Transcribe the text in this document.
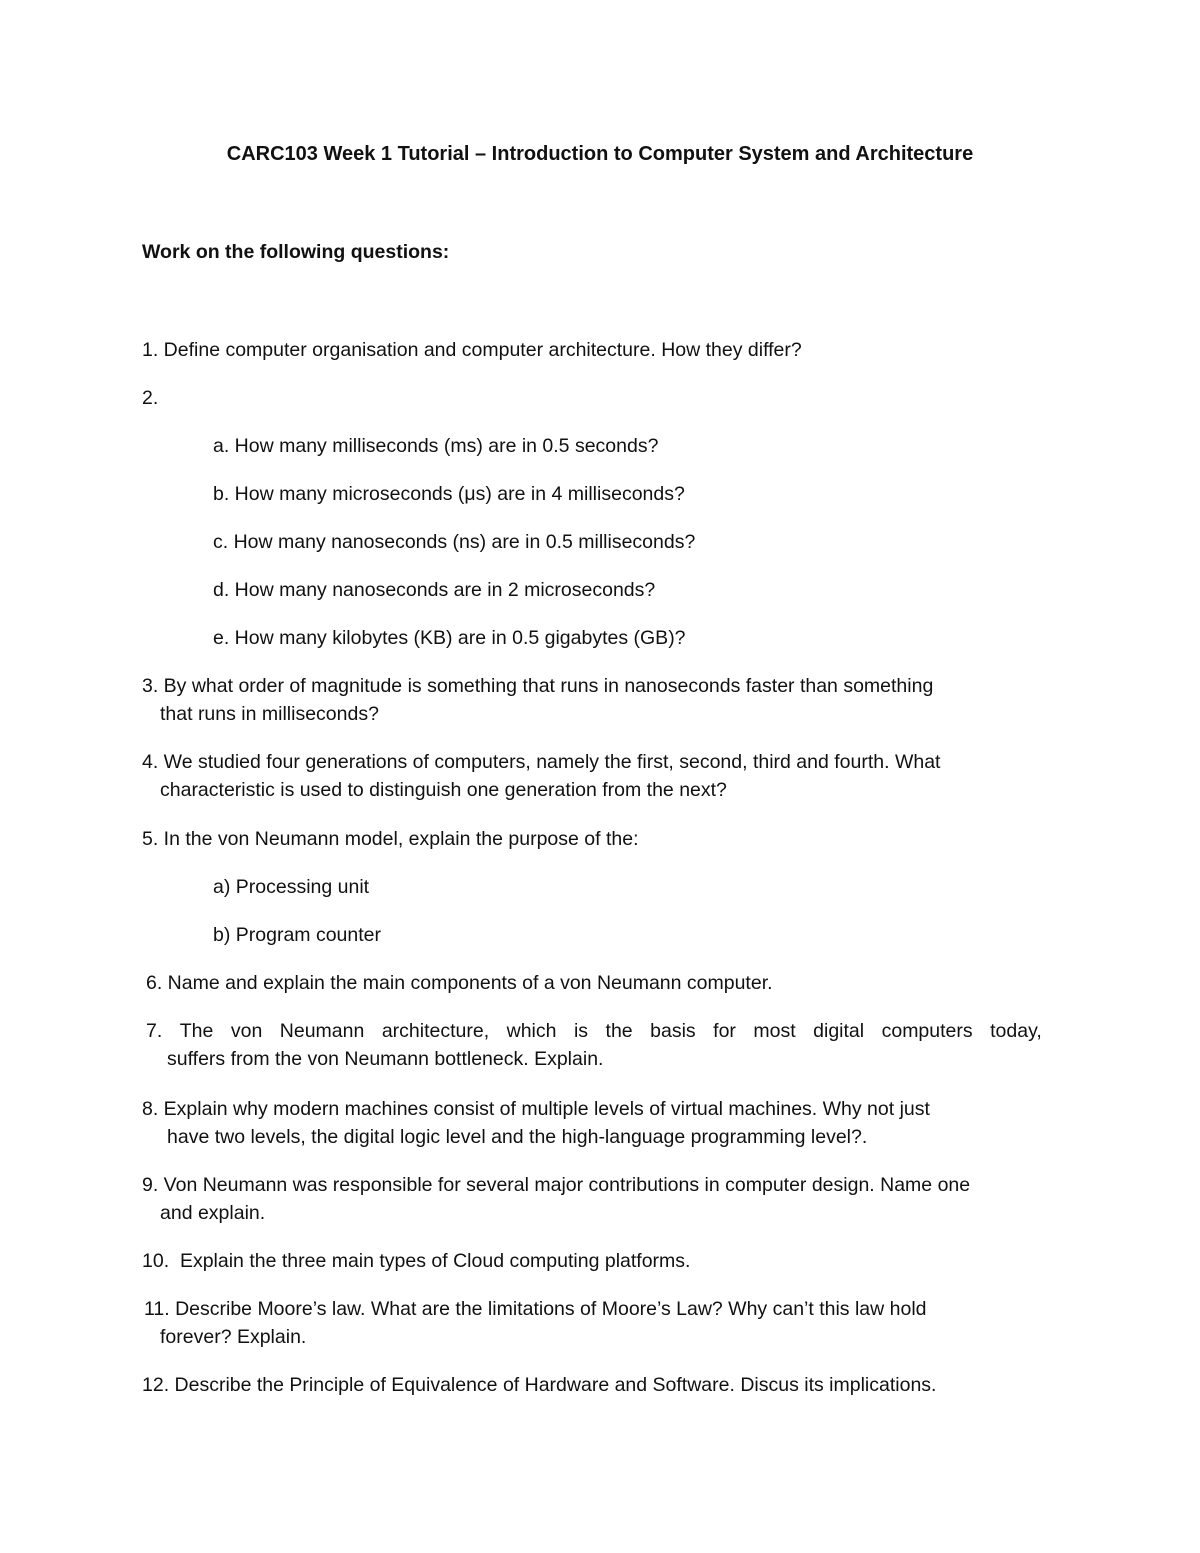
CARC103 Week 1 Tutorial – Introduction to Computer System and Architecture
Work on the following questions:
1. Define computer organisation and computer architecture. How they differ?
2.
a. How many milliseconds (ms) are in 0.5 seconds?
b. How many microseconds (μs) are in 4 milliseconds?
c. How many nanoseconds (ns) are in 0.5 milliseconds?
d. How many nanoseconds are in 2 microseconds?
e. How many kilobytes (KB) are in 0.5 gigabytes (GB)?
3. By what order of magnitude is something that runs in nanoseconds faster than something
that runs in milliseconds?
4. We studied four generations of computers, namely the first, second, third and fourth. What
characteristic is used to distinguish one generation from the next?
5. In the von Neumann model, explain the purpose of the:
a) Processing unit
b) Program counter
6. Name and explain the main components of a von Neumann computer.
7. The von Neumann architecture, which is the basis for most digital computers today,
suffers from the von Neumann bottleneck. Explain.
8. Explain why modern machines consist of multiple levels of virtual machines. Why not just
have two levels, the digital logic level and the high-language programming level?.
9. Von Neumann was responsible for several major contributions in computer design. Name one
and explain.
10.  Explain the three main types of Cloud computing platforms.
11. Describe Moore’s law. What are the limitations of Moore’s Law? Why can’t this law hold
forever? Explain.
12. Describe the Principle of Equivalence of Hardware and Software. Discus its implications.
